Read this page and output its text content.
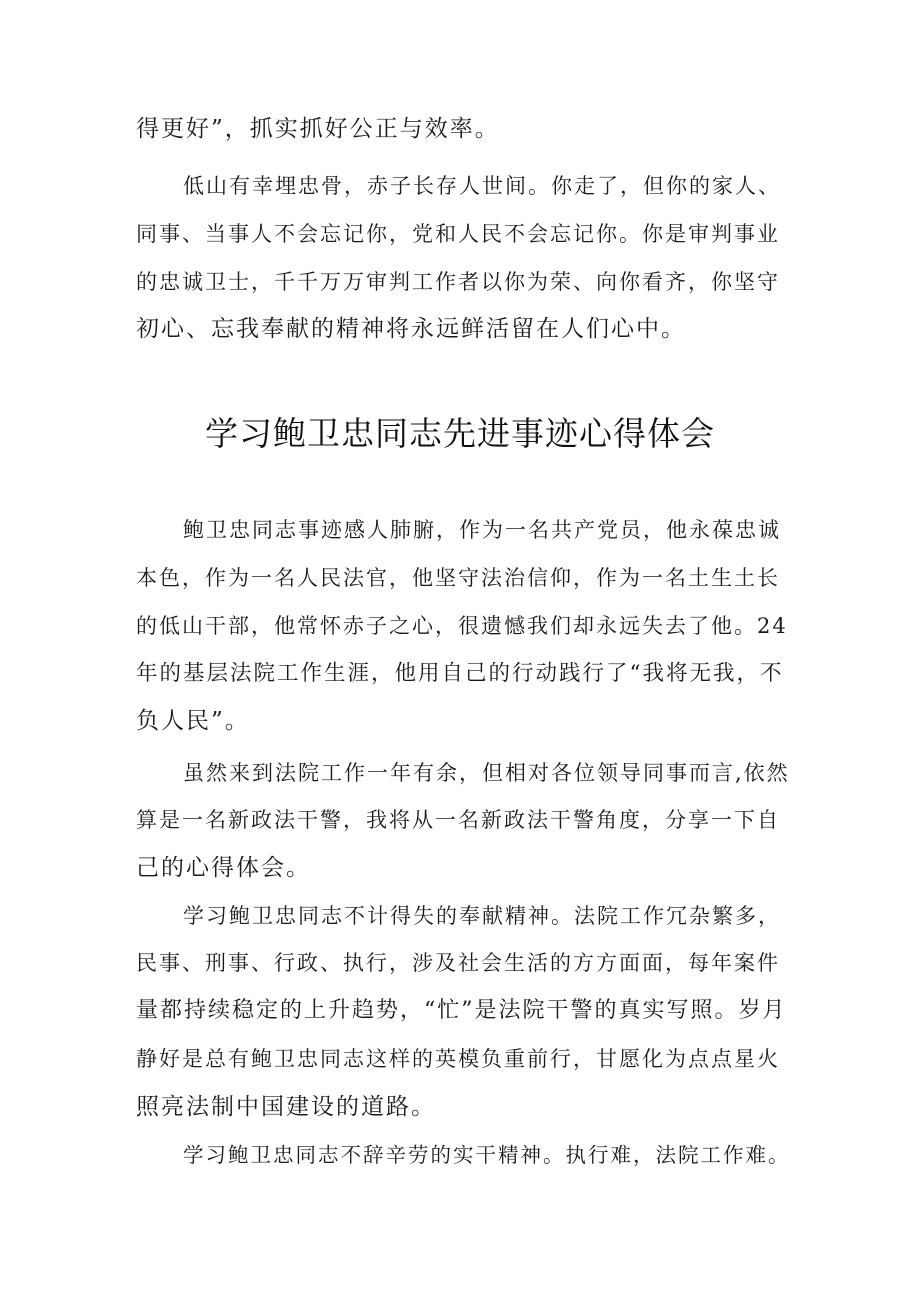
得更好”，抓实抓好公正与效率。
低山有幸埋忠骨，赤子长存人世间。你走了，但你的家人、
同事、当事人不会忘记你，党和人民不会忘记你。你是审判事业
的忠诚卫士，千千万万审判工作者以你为荣、向你看齐，你坚守
初心、忘我奉献的精神将永远鲜活留在人们心中。
学习鲍卫忠同志先进事迹心得体会
鲍卫忠同志事迹感人肺腑，作为一名共产党员，他永葆忠诚
本色，作为一名人民法官，他坚守法治信仰，作为一名土生土长
的低山干部，他常怀赤子之心，很遗憾我们却永远失去了他。24
年的基层法院工作生涯，他用自己的行动践行了“我将无我，不
负人民”。
虽然来到法院工作一年有余，但相对各位领导同事而言,依然
算是一名新政法干警，我将从一名新政法干警角度，分享一下自
己的心得体会。
学习鲍卫忠同志不计得失的奉献精神。法院工作冗杂繁多，
民事、刑事、行政、执行，涉及社会生活的方方面面，每年案件
量都持续稳定的上升趋势，“忙”是法院干警的真实写照。岁月
静好是总有鲍卫忠同志这样的英模负重前行，甘愿化为点点星火
照亮法制中国建设的道路。
学习鲍卫忠同志不辞辛劳的实干精神。执行难，法院工作难。
